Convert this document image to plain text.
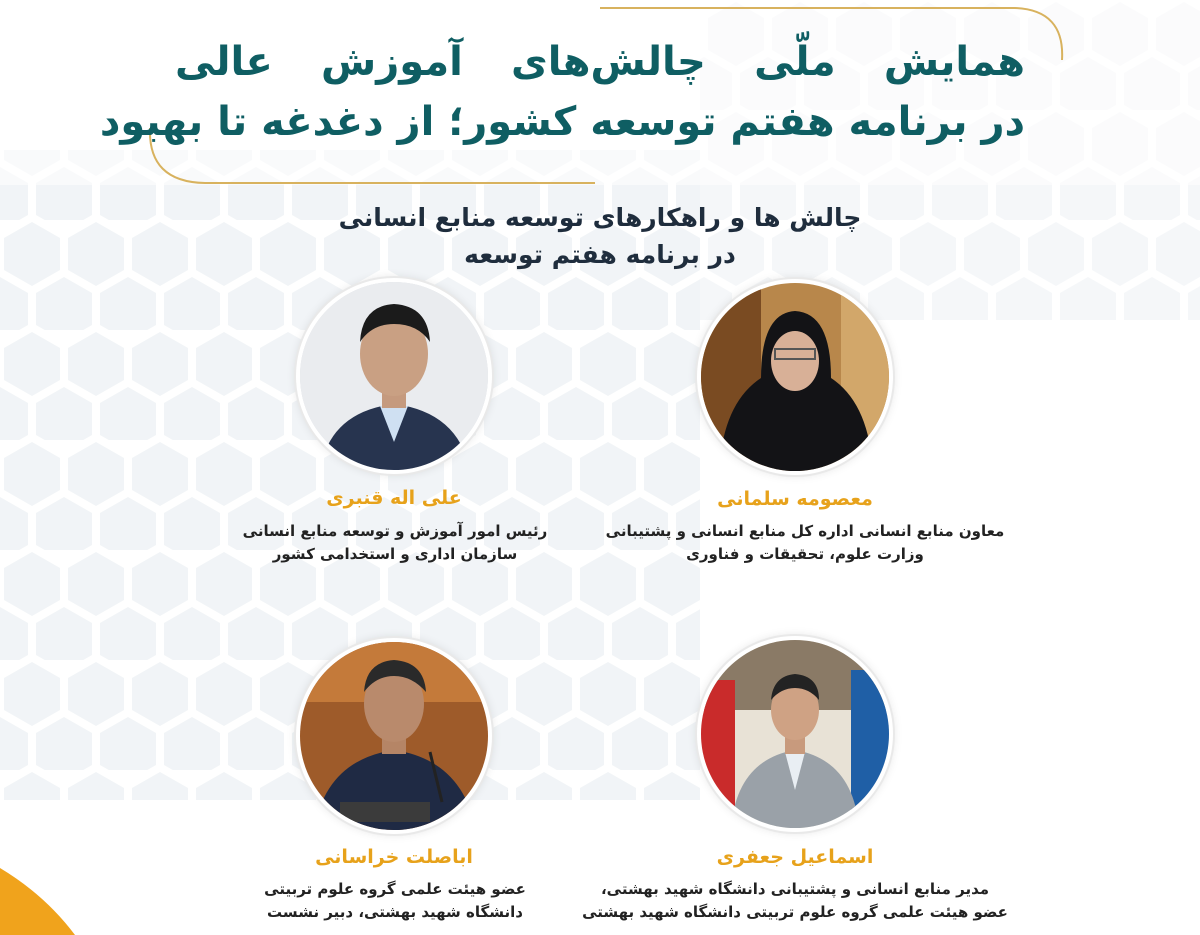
همایش ملّی چالش‌های آموزش عالی
در برنامه هفتم توسعه کشور؛ از دغدغه تا بهبود
چالش ها و راهکارهای توسعه منابع انسانی
در برنامه هفتم توسعه
علی اله قنبری
رئیس امور آموزش و توسعه منابع انسانی
سازمان اداری و استخدامی کشور
معصومه سلمانی
معاون منابع انسانی اداره کل منابع انسانی و پشتیبانی
وزارت علوم، تحقیقات و فناوری
اباصلت خراسانی
عضو هیئت علمی گروه علوم تربیتی
دانشگاه شهید بهشتی، دبیر نشست
اسماعیل جعفری
مدیر منابع انسانی و پشتیبانی دانشگاه شهید بهشتی،
عضو هیئت علمی گروه علوم تربیتی دانشگاه شهید بهشتی
